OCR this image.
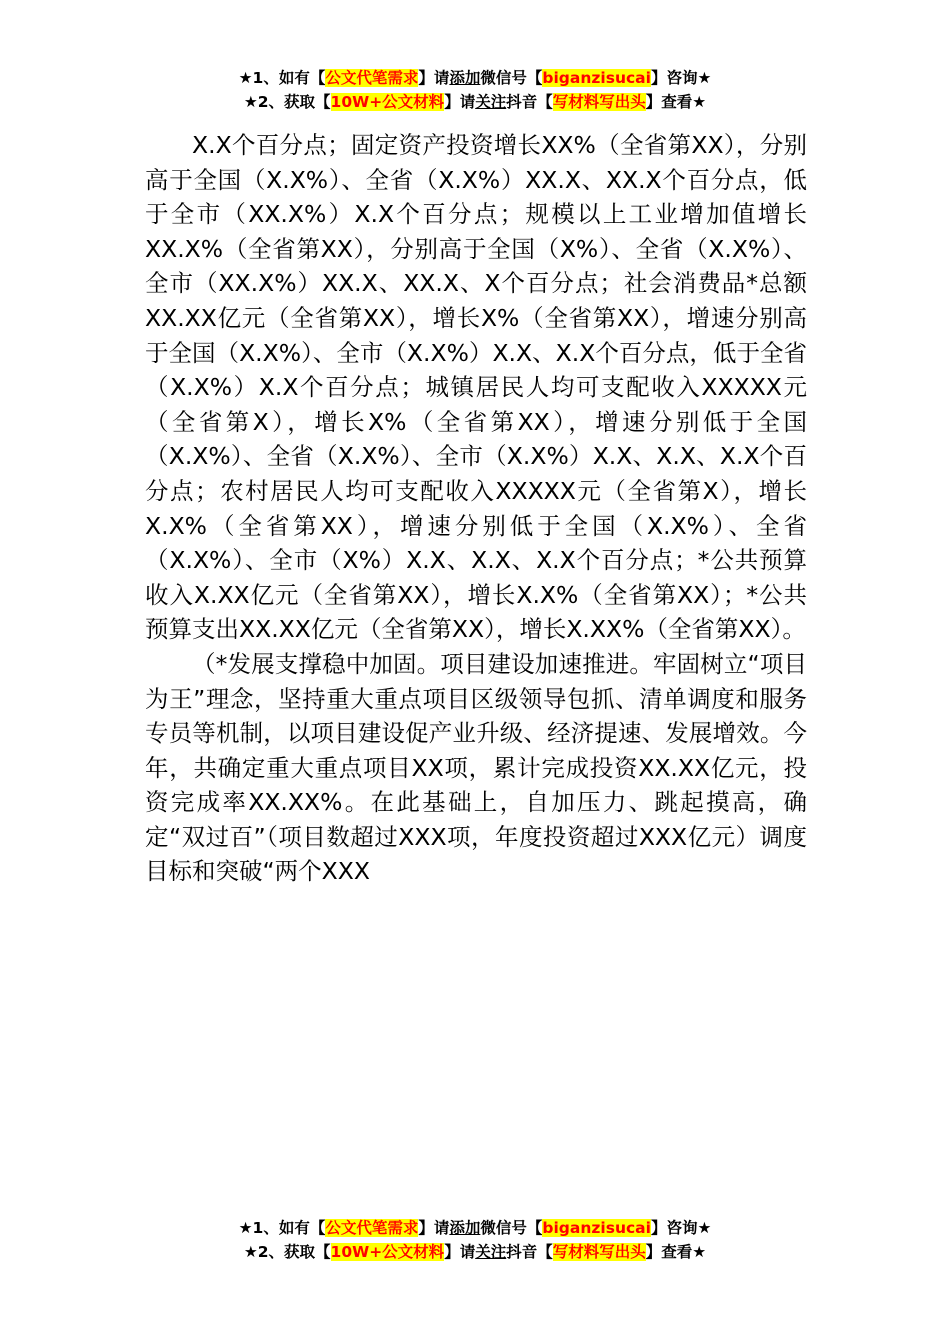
★1、如有【公文代笔需求】请添加微信号【biganzisucai】咨询★
★2、获取【10W+公文材料】请关注抖音【写材料写出头】查看★

X.X个百分点；固定资产投资增长XX%（全省第XX），分别高于全国（X.X%）、全省（X.X%）XX.X、XX.X个百分点，低于全市（XX.X%）X.X个百分点；规模以上工业增加值增长XX.X%（全省第XX），分别高于全国（X%）、全省（X.X%）、全市（XX.X%）XX.X、XX.X、X个百分点；社会消费品*总额XX.XX亿元（全省第XX），增长X%（全省第XX），增速分别高于全国（X.X%）、全市（X.X%）X.X、X.X个百分点，低于全省（X.X%）X.X个百分点；城镇居民人均可支配收入XXXXX元（全省第X），增长X%（全省第XX），增速分别低于全国（X.X%）、全省（X.X%）、全市（X.X%）X.X、X.X、X.X个百分点；农村居民人均可支配收入XXXXX元（全省第X），增长X.X%（全省第XX），增速分别低于全国（X.X%）、全省（X.X%）、全市（X%）X.X、X.X、X.X个百分点；*公共预算收入X.XX亿元（全省第XX），增长X.X%（全省第XX）；*公共预算支出XX.XX亿元（全省第XX），增长X.XX%（全省第XX）。

（*发展支撑稳中加固。项目建设加速推进。牢固树立“项目为王”理念，坚持重大重点项目区级领导包抓、清单调度和服务专员等机制，以项目建设促产业升级、经济提速、发展增效。今年，共确定重大重点项目XX项，累计完成投资XX.XX亿元，投资完成率XX.XX%。在此基础上，自加压力、跳起摸高，确定“双过百”（项目数超过XXX项，年度投资超过XXX亿元）调度目标和突破“两个XXX

★1、如有【公文代笔需求】请添加微信号【biganzisucai】咨询★
★2、获取【10W+公文材料】请关注抖音【写材料写出头】查看★
